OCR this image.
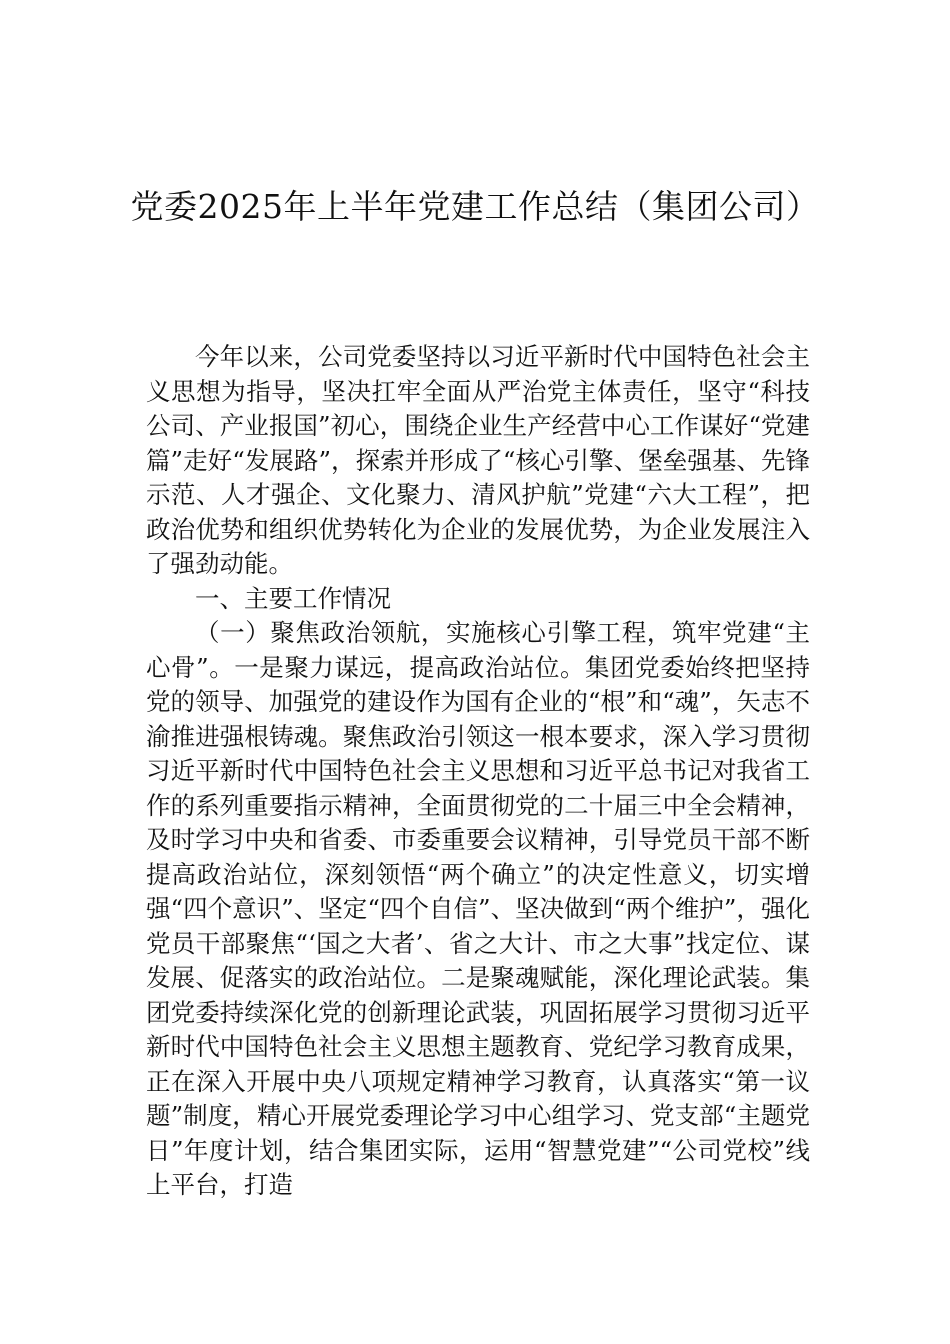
党委2025年上半年党建工作总结（集团公司）

今年以来，公司党委坚持以习近平新时代中国特色社会主义思想为指导，坚决扛牢全面从严治党主体责任，坚守“科技公司、产业报国”初心，围绕企业生产经营中心工作谋好“党建篇”走好“发展路”，探索并形成了“核心引擎、堡垒强基、先锋示范、人才强企、文化聚力、清风护航”党建“六大工程”，把政治优势和组织优势转化为企业的发展优势，为企业发展注入了强劲动能。

一、主要工作情况

（一）聚焦政治领航，实施核心引擎工程，筑牢党建“主心骨”。一是聚力谋远，提高政治站位。集团党委始终把坚持党的领导、加强党的建设作为国有企业的“根”和“魂”，矢志不渝推进强根铸魂。聚焦政治引领这一根本要求，深入学习贯彻习近平新时代中国特色社会主义思想和习近平总书记对我省工作的系列重要指示精神，全面贯彻党的二十届三中全会精神，及时学习中央和省委、市委重要会议精神，引导党员干部不断提高政治站位，深刻领悟“两个确立”的决定性意义，切实增强“四个意识”、坚定“四个自信”、坚决做到“两个维护”，强化党员干部聚焦“‘国之大者’、省之大计、市之大事”找定位、谋发展、促落实的政治站位。二是聚魂赋能，深化理论武装。集团党委持续深化党的创新理论武装，巩固拓展学习贯彻习近平新时代中国特色社会主义思想主题教育、党纪学习教育成果，正在深入开展中央八项规定精神学习教育，认真落实“第一议题”制度，精心开展党委理论学习中心组学习、党支部“主题党日”年度计划，结合集团实际，运用“智慧党建”“公司党校”线上平台，打造
